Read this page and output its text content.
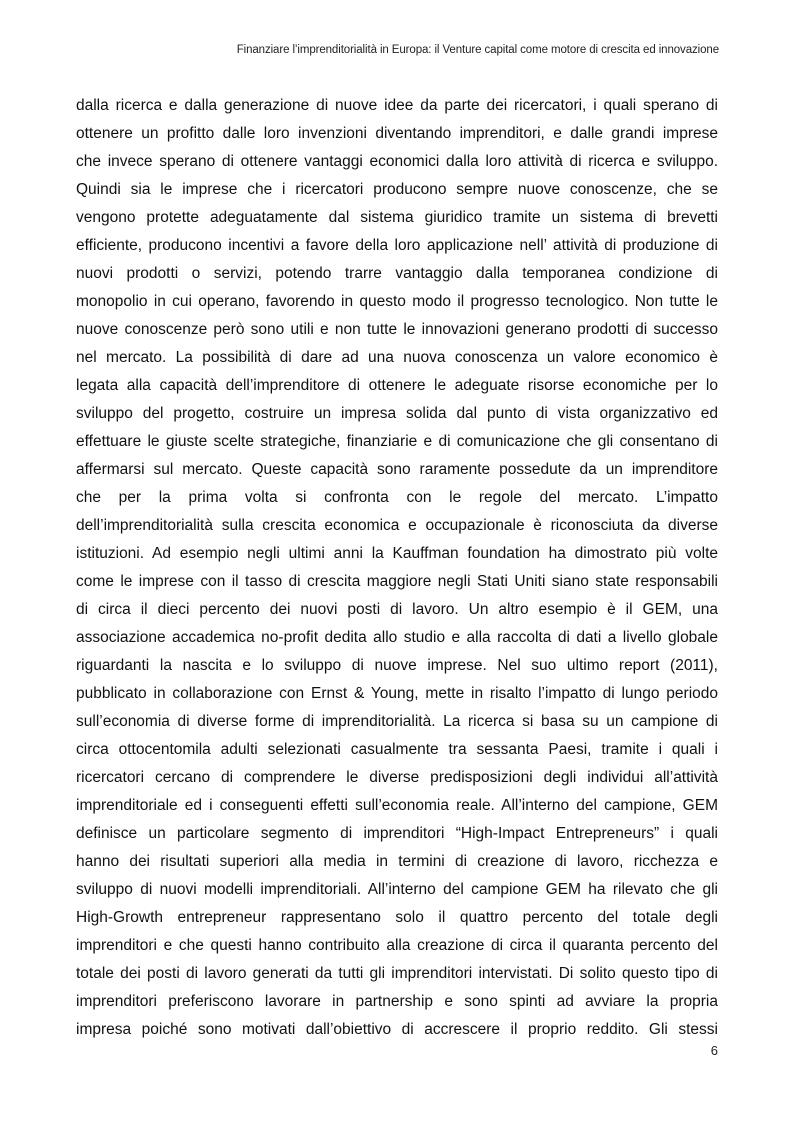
Finanziare l’imprenditorialità in Europa: il Venture capital come motore di crescita ed innovazione
dalla ricerca e dalla generazione di nuove idee da parte dei ricercatori, i quali sperano di
ottenere un profitto dalle loro invenzioni diventando imprenditori, e dalle grandi imprese
che invece sperano di ottenere vantaggi economici dalla loro attività di ricerca e sviluppo.
Quindi sia le imprese che i ricercatori producono sempre nuove conoscenze, che se
vengono protette adeguatamente dal sistema giuridico tramite un sistema di brevetti
efficiente, producono incentivi a favore della loro applicazione nell’ attività di produzione di
nuovi prodotti o servizi, potendo trarre vantaggio dalla temporanea condizione di
monopolio in cui operano, favorendo in questo modo il progresso tecnologico. Non tutte le
nuove conoscenze però sono utili e non tutte le innovazioni generano prodotti di successo
nel mercato. La possibilità di dare ad una nuova conoscenza un valore economico è
legata alla capacità dell’imprenditore di ottenere le adeguate risorse economiche per lo
sviluppo del progetto, costruire un impresa solida dal punto di vista organizzativo ed
effettuare le giuste scelte strategiche, finanziarie e di comunicazione che gli consentano di
affermarsi sul mercato. Queste capacità sono raramente possedute da un imprenditore
che per la prima volta si confronta con le regole del mercato. L’impatto
dell’imprenditorialità sulla crescita economica e occupazionale è riconosciuta da diverse
istituzioni. Ad esempio negli ultimi anni la Kauffman foundation ha dimostrato più volte
come le imprese con il tasso di crescita maggiore negli Stati Uniti siano state responsabili
di circa il dieci percento dei nuovi posti di lavoro. Un altro esempio è il GEM, una
associazione accademica no-profit dedita allo studio e alla raccolta di dati a livello globale
riguardanti la nascita e lo sviluppo di nuove imprese. Nel suo ultimo report (2011),
pubblicato in collaborazione con Ernst & Young, mette in risalto l’impatto di lungo periodo
sull’economia di diverse forme di imprenditorialità. La ricerca si basa su un campione di
circa ottocentomila adulti selezionati casualmente tra sessanta Paesi, tramite i quali i
ricercatori cercano di comprendere le diverse predisposizioni degli individui all’attività
imprenditoriale ed i conseguenti effetti sull’economia reale. All’interno del campione, GEM
definisce un particolare segmento di imprenditori “High-Impact Entrepreneurs” i quali
hanno dei risultati superiori alla media in termini di creazione di lavoro, ricchezza e
sviluppo di nuovi modelli imprenditoriali. All’interno del campione GEM ha rilevato che gli
High-Growth entrepreneur rappresentano solo il quattro percento del totale degli
imprenditori e che questi hanno contribuito alla creazione di circa il quaranta percento del
totale dei posti di lavoro generati da tutti gli imprenditori intervistati. Di solito questo tipo di
imprenditori preferiscono lavorare in partnership e sono spinti ad avviare la propria
impresa poiché sono motivati dall’obiettivo di accrescere il proprio reddito. Gli stessi
6
